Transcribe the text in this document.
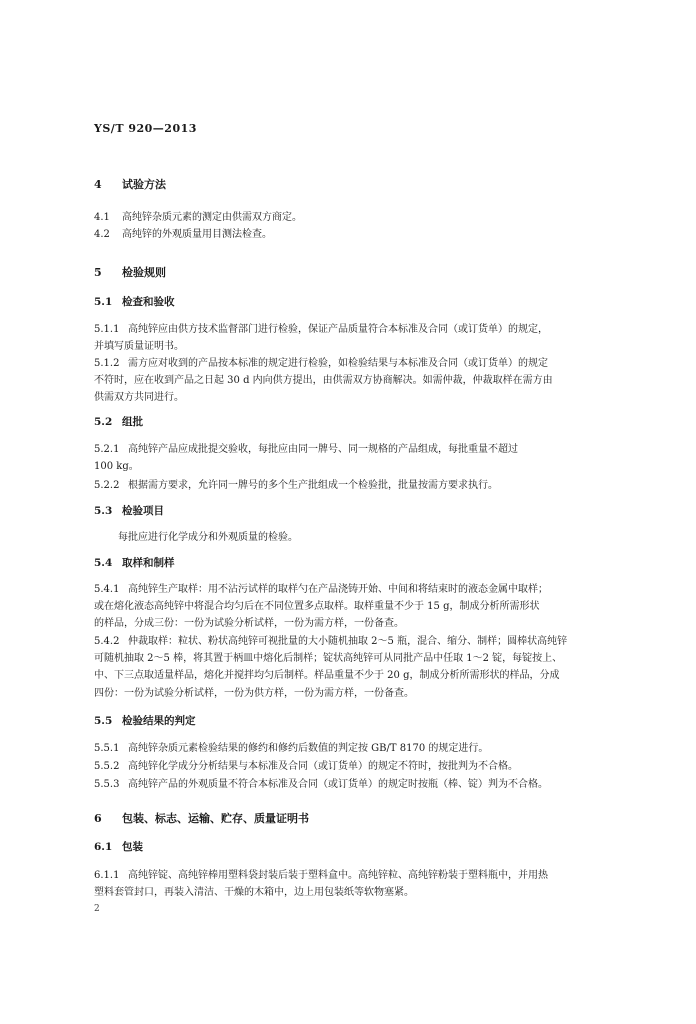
YS/T 920—2013
4 试验方法
4.1 高纯锌杂质元素的测定由供需双方商定。
4.2 高纯锌的外观质量用目测法检查。
5 检验规则
5.1 检查和验收
5.1.1 高纯锌应由供方技术监督部门进行检验，保证产品质量符合本标准及合同（或订货单）的规定，
并填写质量证明书。
5.1.2 需方应对收到的产品按本标准的规定进行检验，如检验结果与本标准及合同（或订货单）的规定
不符时，应在收到产品之日起 30 d 内向供方提出，由供需双方协商解决。如需仲裁，仲裁取样在需方由
供需双方共同进行。
5.2 组批
5.2.1 高纯锌产品应成批提交验收，每批应由同一牌号、同一规格的产品组成，每批重量不超过
100 kg。
5.2.2 根据需方要求，允许同一牌号的多个生产批组成一个检验批，批量按需方要求执行。
5.3 检验项目
每批应进行化学成分和外观质量的检验。
5.4 取样和制样
5.4.1 高纯锌生产取样：用不沾污试样的取样勺在产品浇铸开始、中间和将结束时的液态金属中取样；
或在熔化液态高纯锌中将混合均匀后在不同位置多点取样。取样重量不少于 15 g，制成分析所需形状
的样品，分成三份：一份为试验分析试样，一份为需方样，一份备查。
5.4.2 仲裁取样：粒状、粉状高纯锌可视批量的大小随机抽取 2～5 瓶，混合、缩分、制样；圆棒状高纯锌
可随机抽取 2～5 棒，将其置于柄皿中熔化后制样；锭状高纯锌可从同批产品中任取 1～2 锭，每锭按上、
中、下三点取适量样品，熔化并搅拌均匀后制样。样品重量不少于 20 g，制成分析所需形状的样品，分成
四份：一份为试验分析试样，一份为供方样，一份为需方样，一份备查。
5.5 检验结果的判定
5.5.1 高纯锌杂质元素检验结果的修约和修约后数值的判定按 GB/T 8170 的规定进行。
5.5.2 高纯锌化学成分分析结果与本标准及合同（或订货单）的规定不符时，按批判为不合格。
5.5.3 高纯锌产品的外观质量不符合本标准及合同（或订货单）的规定时按瓶（棒、锭）判为不合格。
6 包装、标志、运输、贮存、质量证明书
6.1 包装
6.1.1 高纯锌锭、高纯锌棒用塑料袋封装后装于塑料盒中。高纯锌粒、高纯锌粉装于塑料瓶中，并用热
塑料套管封口，再装入清洁、干燥的木箱中，边上用包装纸等软物塞紧。
2
